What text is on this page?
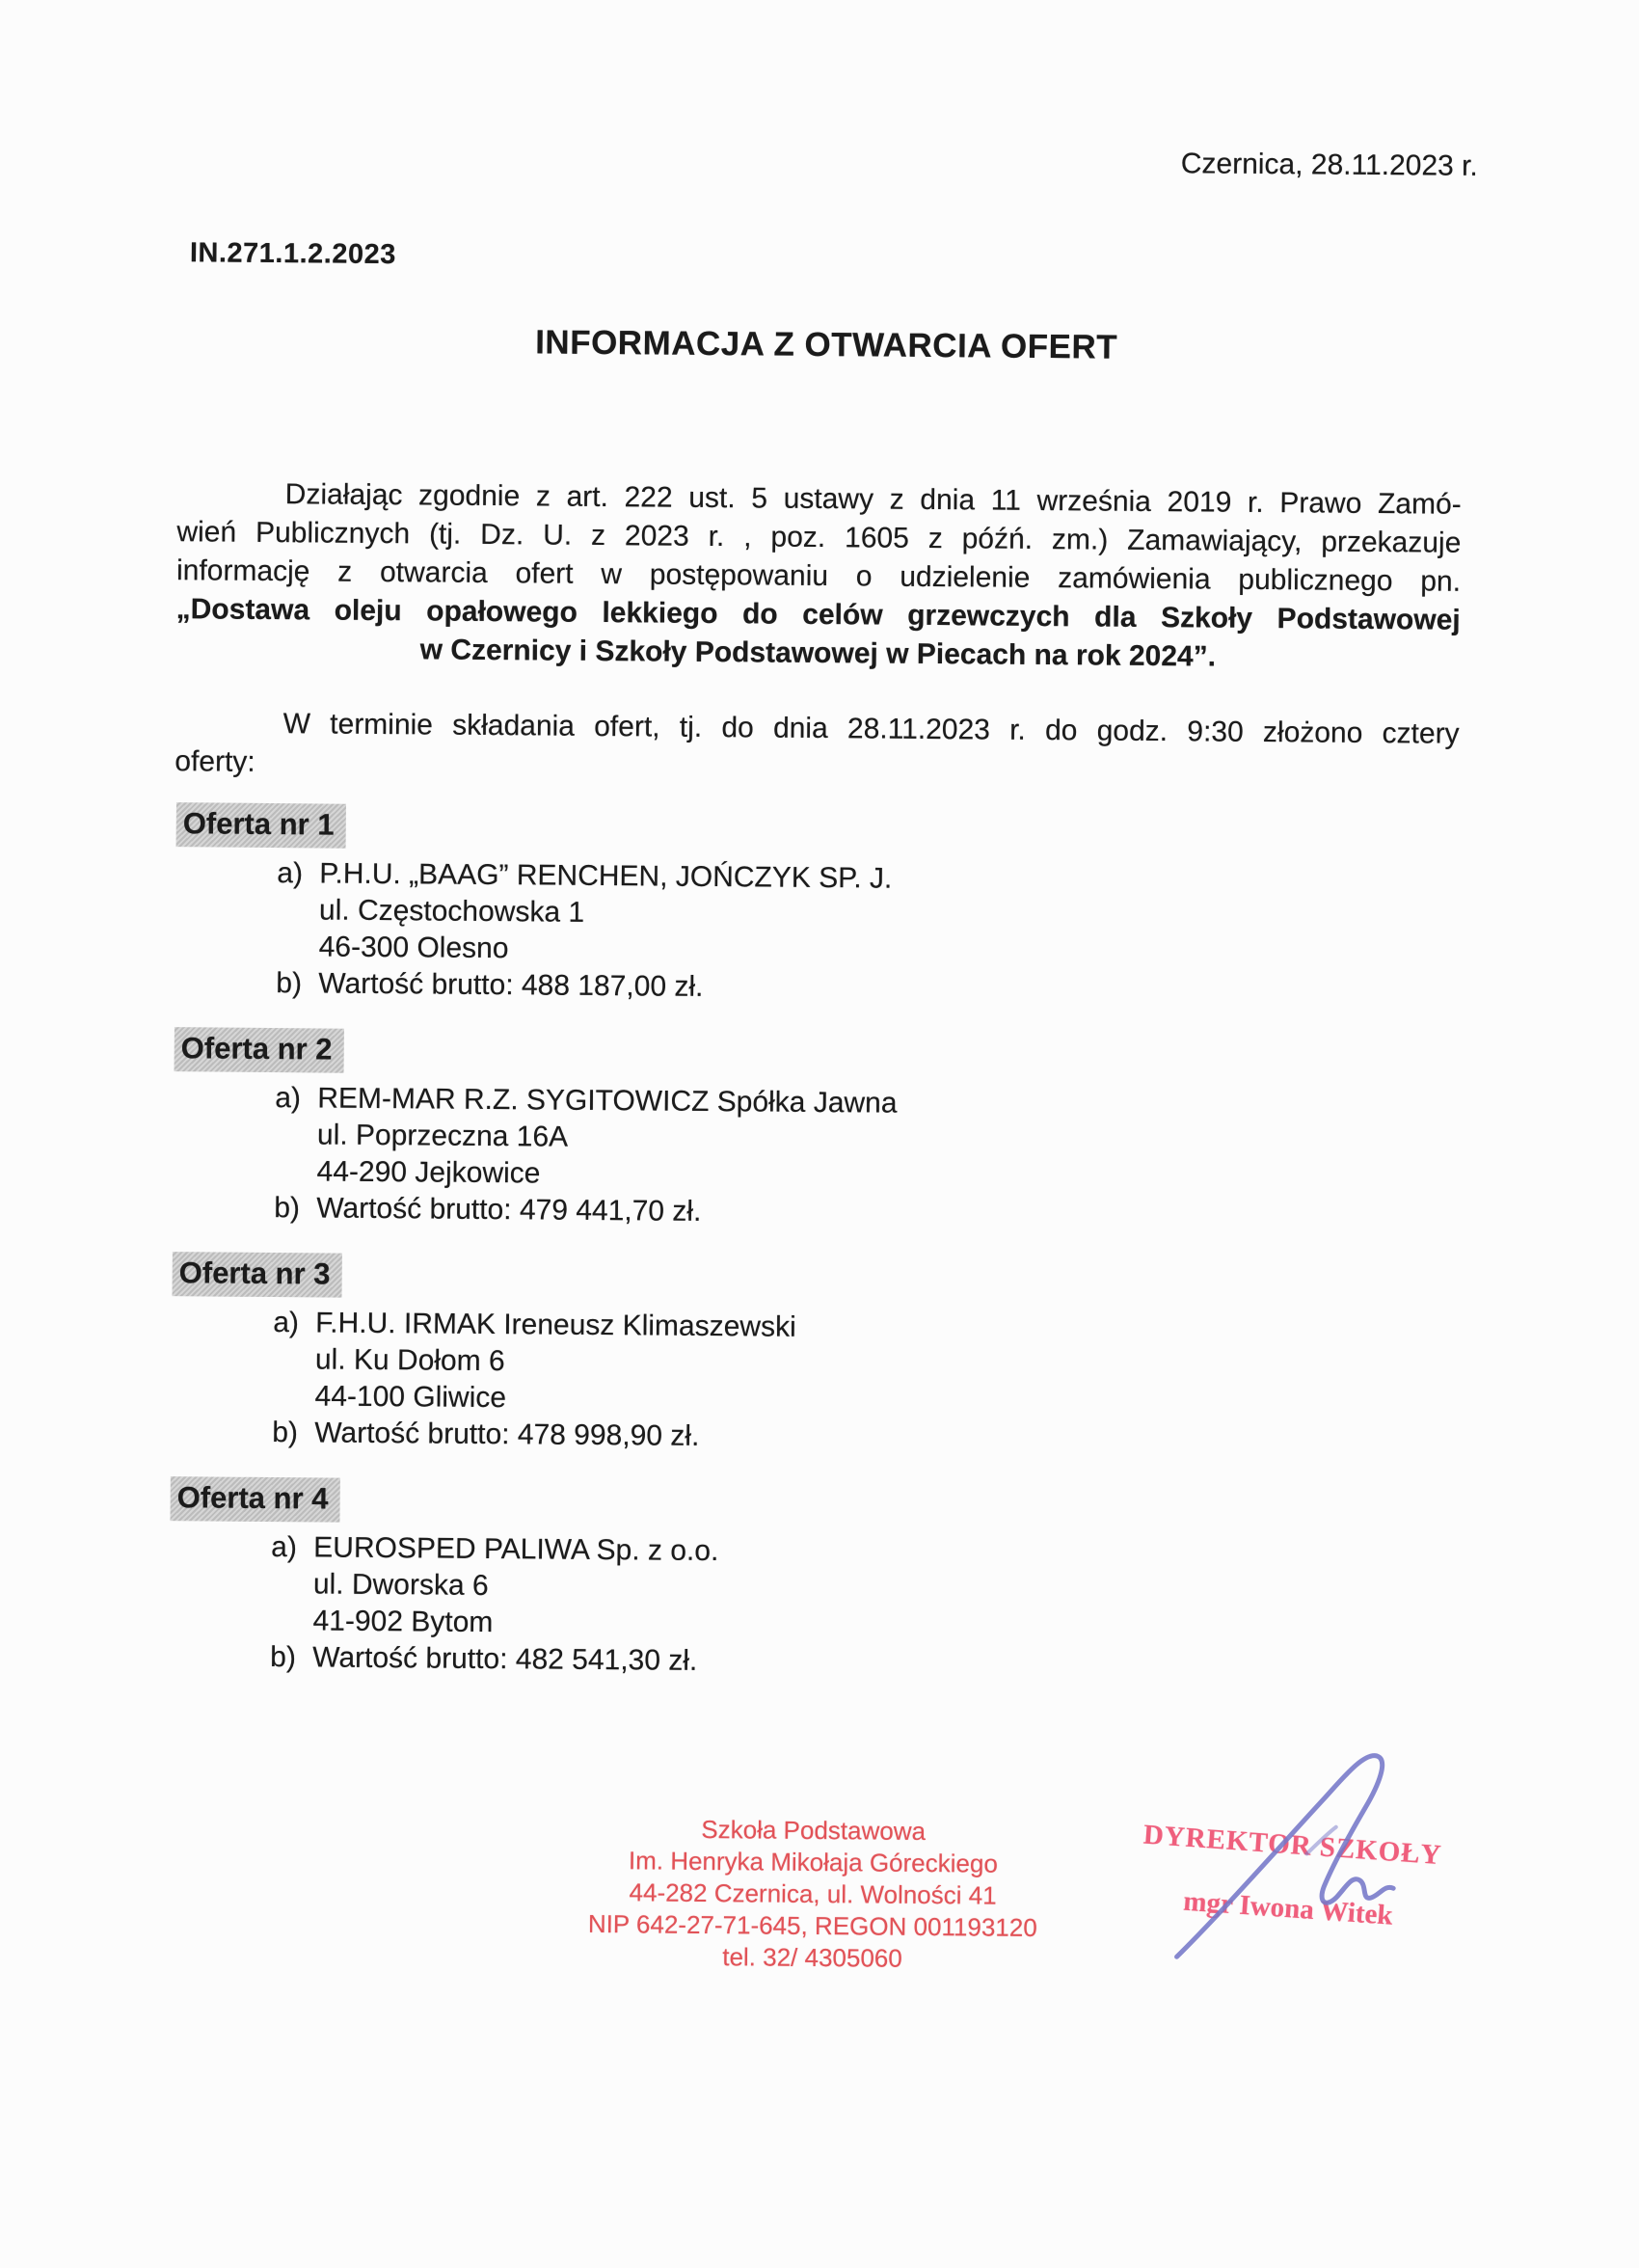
Czernica, 28.11.2023 r.
IN.271.1.2.2023
INFORMACJA Z OTWARCIA OFERT
Działając zgodnie z art. 222 ust. 5 ustawy z dnia 11 września 2019 r. Prawo Zamó-
wień Publicznych (tj. Dz. U. z 2023 r. , poz. 1605 z późń. zm.) Zamawiający, przekazuje
informację z otwarcia ofert w postępowaniu o udzielenie zamówienia publicznego pn.
„Dostawa oleju opałowego lekkiego do celów grzewczych dla Szkoły Podstawowej
w Czernicy i Szkoły Podstawowej w Piecach na rok 2024”.
W terminie składania ofert, tj. do dnia 28.11.2023 r. do godz. 9:30 złożono cztery
oferty:
Oferta nr 1
a) P.H.U. „BAAG” RENCHEN, JOŃCZYK SP. J.
ul. Częstochowska 1
46-300 Olesno
b) Wartość brutto: 488 187,00 zł.
Oferta nr 2
a) REM-MAR R.Z. SYGITOWICZ Spółka Jawna
ul. Poprzeczna 16A
44-290 Jejkowice
b) Wartość brutto: 479 441,70 zł.
Oferta nr 3
a) F.H.U. IRMAK Ireneusz Klimaszewski
ul. Ku Dołom 6
44-100 Gliwice
b) Wartość brutto: 478 998,90 zł.
Oferta nr 4
a) EUROSPED PALIWA Sp. z o.o.
ul. Dworska 6
41-902 Bytom
b) Wartość brutto: 482 541,30 zł.
Szkoła Podstawowa
Im. Henryka Mikołaja Góreckiego
44-282 Czernica, ul. Wolności 41
NIP 642-27-71-645, REGON 001193120
tel. 32/ 4305060
DYREKTOR SZKOŁY
mgr Iwona Witek
